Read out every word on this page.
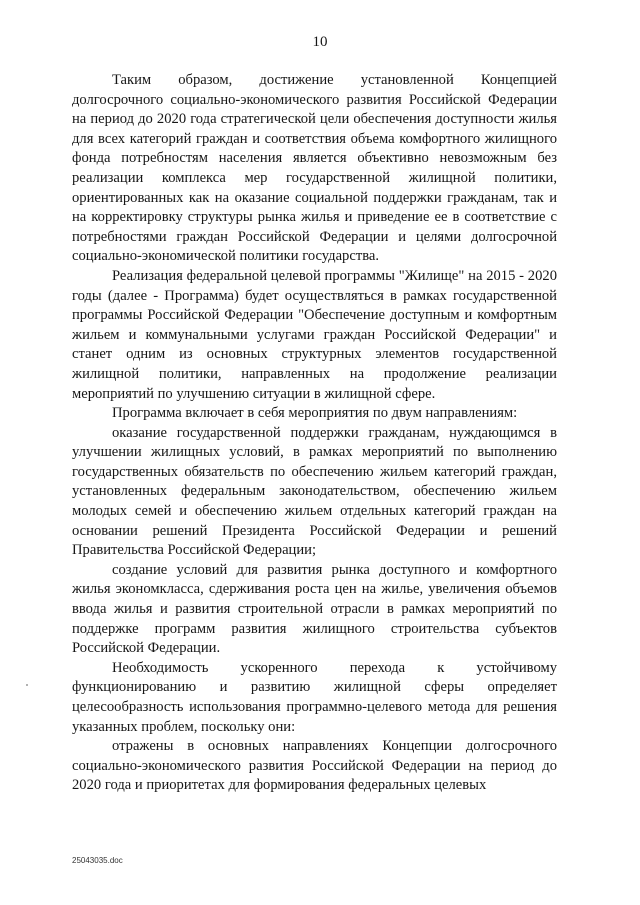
10

Таким образом, достижение установленной Концепцией долгосрочного социально-экономического развития Российской Федерации на период до 2020 года стратегической цели обеспечения доступности жилья для всех категорий граждан и соответствия объема комфортного жилищного фонда потребностям населения является объективно невозможным без реализации комплекса мер государственной жилищной политики, ориентированных как на оказание социальной поддержки гражданам, так и на корректировку структуры рынка жилья и приведение ее в соответствие с потребностями граждан Российской Федерации и целями долгосрочной социально-экономической политики государства.

Реализация федеральной целевой программы "Жилище" на 2015 - 2020 годы (далее - Программа) будет осуществляться в рамках государственной программы Российской Федерации "Обеспечение доступным и комфортным жильем и коммунальными услугами граждан Российской Федерации" и станет одним из основных структурных элементов государственной жилищной политики, направленных на продолжение реализации мероприятий по улучшению ситуации в жилищной сфере.

Программа включает в себя мероприятия по двум направлениям:

оказание государственной поддержки гражданам, нуждающимся в улучшении жилищных условий, в рамках мероприятий по выполнению государственных обязательств по обеспечению жильем категорий граждан, установленных федеральным законодательством, обеспечению жильем молодых семей и обеспечению жильем отдельных категорий граждан на основании решений Президента Российской Федерации и решений Правительства Российской Федерации;

создание условий для развития рынка доступного и комфортного жилья экономкласса, сдерживания роста цен на жилье, увеличения объемов ввода жилья и развития строительной отрасли в рамках мероприятий по поддержке программ развития жилищного строительства субъектов Российской Федерации.

Необходимость ускоренного перехода к устойчивому функционированию и развитию жилищной сферы определяет целесообразность использования программно-целевого метода для решения указанных проблем, поскольку они:

отражены в основных направлениях Концепции долгосрочного социально-экономического развития Российской Федерации на период до 2020 года и приоритетах для формирования федеральных целевых

25043035.doc
